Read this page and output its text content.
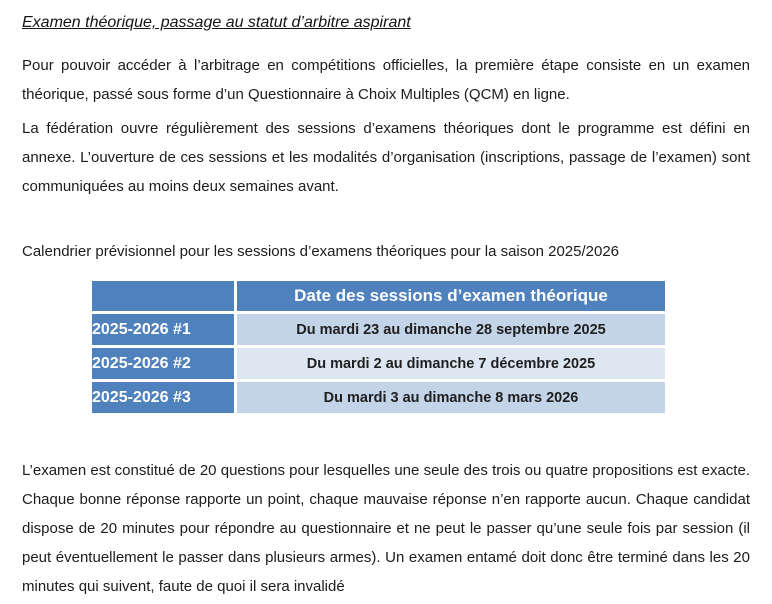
Examen théorique, passage au statut d’arbitre aspirant

Pour pouvoir accéder à l’arbitrage en compétitions officielles, la première étape consiste en un examen théorique, passé sous forme d’un Questionnaire à Choix Multiples (QCM) en ligne.

La fédération ouvre régulièrement des sessions d’examens théoriques dont le programme est défini en annexe. L’ouverture de ces sessions et les modalités d’organisation (inscriptions, passage de l’examen) sont communiquées au moins deux semaines avant.

Calendrier prévisionnel pour les sessions d’examens théoriques pour la saison 2025/2026

	Date des sessions d’examen théorique
2025-2026 #1	Du mardi 23 au dimanche 28 septembre 2025
2025-2026 #2	Du mardi 2 au dimanche 7 décembre 2025
2025-2026 #3	Du mardi 3 au dimanche 8 mars 2026

L’examen est constitué de 20 questions pour lesquelles une seule des trois ou quatre propositions est exacte. Chaque bonne réponse rapporte un point, chaque mauvaise réponse n’en rapporte aucun. Chaque candidat dispose de 20 minutes pour répondre au questionnaire et ne peut le passer qu’une seule fois par session (il peut éventuellement le passer dans plusieurs armes). Un examen entamé doit donc être terminé dans les 20 minutes qui suivent, faute de quoi il sera invalidé
